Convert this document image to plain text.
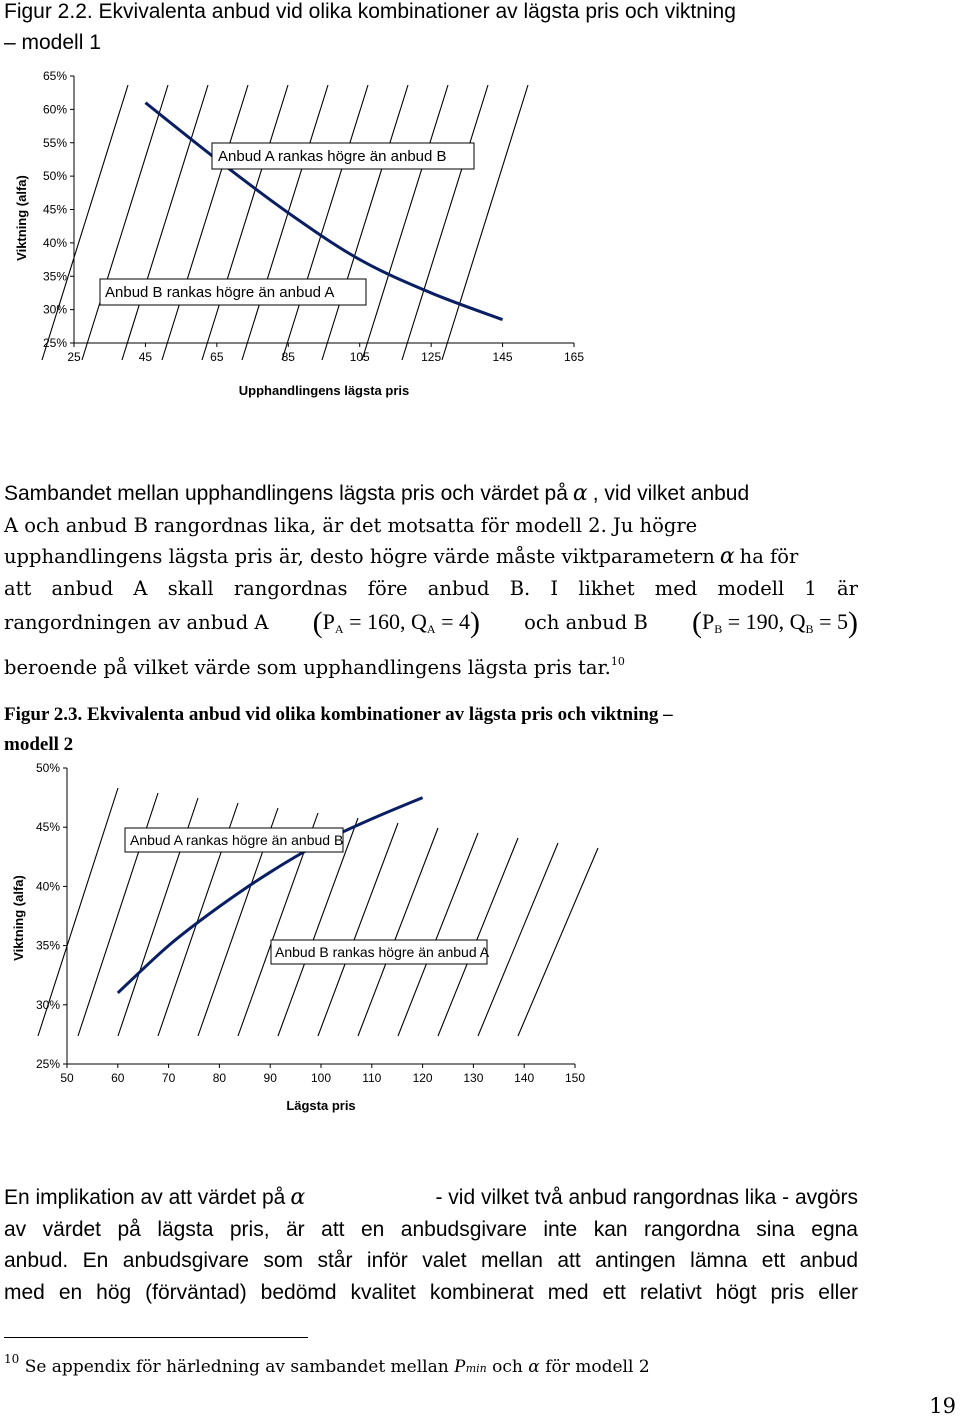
Figur 2.2. Ekvivalenta anbud vid olika kombinationer av lägsta pris och viktning
– modell 1
25	45	65	85	105	125	145	165
65%
60%
55%
50%
45%
40%
35%
30%
25%
Anbud A rankas högre än anbud B
Anbud B rankas högre än anbud A
Viktning (alfa)
Upphandlingens lägsta pris
Sambandet mellan upphandlingens lägsta pris och värdet på α , vid vilket anbud
A och anbud B rangordnas lika, är det motsatta för modell 2. Ju högre
upphandlingens lägsta pris är, desto högre värde måste viktparametern α ha för
att anbud A skall rangordnas före anbud B. I likhet med modell 1 är
rangordningen av anbud A ($P_A = 160$, $Q_A = 4$) och anbud B ($P_B = 190$, $Q_B = 5$)
beroende på vilket värde som upphandlingens lägsta pris tar.$^{10}$
Figur 2.3. Ekvivalenta anbud vid olika kombinationer av lägsta pris och viktning –
modell 2
50	60	70	80	90	100	110	120	130	140	150
50%
45%
40%
35%
30%
25%
Anbud A rankas högre än anbud B
Anbud B rankas högre än anbud A
Viktning (alfa)
Lägsta pris
En implikation av att värdet på α	- vid vilket två anbud rangordnas lika - avgörs
av värdet på lägsta pris, är att en anbudsgivare inte kan rangordna sina egna
anbud. En anbudsgivare som står inför valet mellan att antingen lämna ett anbud
med en hög (förväntad) bedömd kvalitet kombinerat med ett relativt högt pris eller
$^{10}$ Se appendix för härledning av sambandet mellan Pmin och α för modell 2
19
